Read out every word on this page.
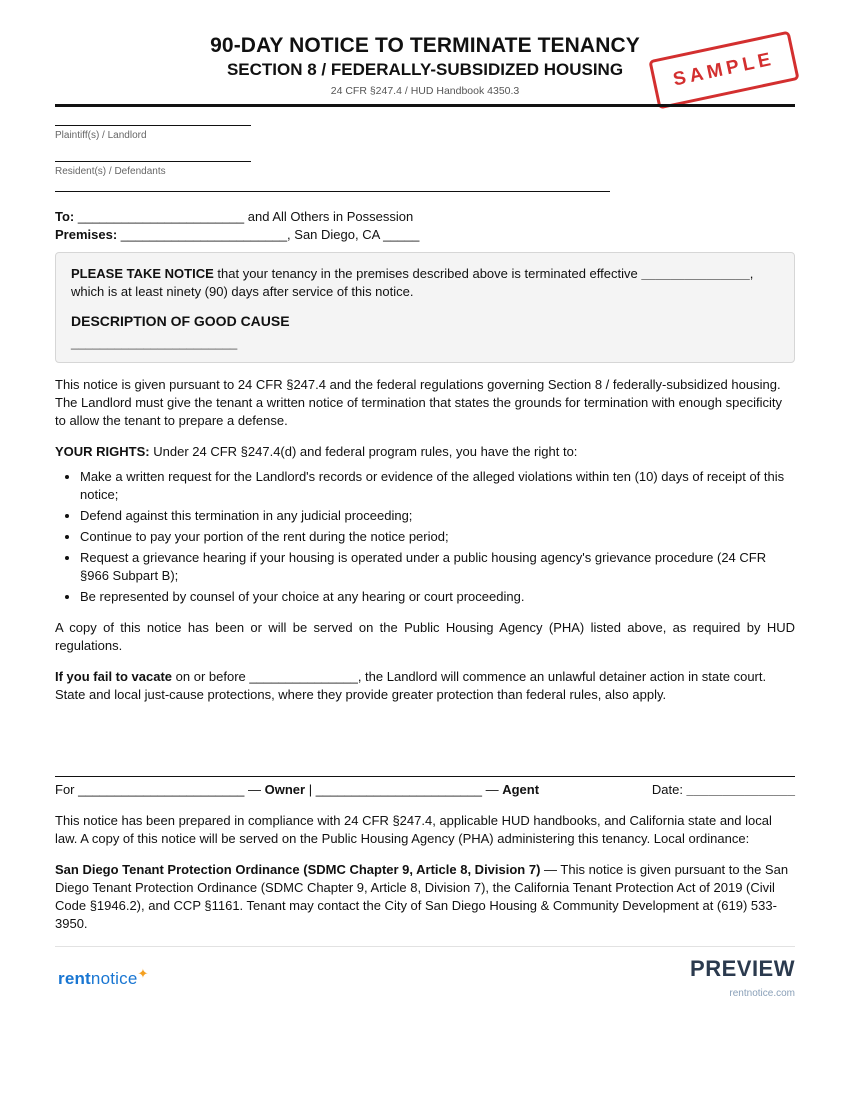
SAMPLE
90-DAY NOTICE TO TERMINATE TENANCY
SECTION 8 / FEDERALLY-SUBSIDIZED HOUSING
24 CFR §247.4 / HUD Handbook 4350.3
Plaintiff(s) / Landlord
Resident(s) / Defendants
To: _______________________ and All Others in Possession
Premises: _______________________, San Diego, CA _____
PLEASE TAKE NOTICE that your tenancy in the premises described above is terminated effective _______________, which is at least ninety (90) days after service of this notice.
DESCRIPTION OF GOOD CAUSE
_______________________
This notice is given pursuant to 24 CFR §247.4 and the federal regulations governing Section 8 / federally-subsidized housing. The Landlord must give the tenant a written notice of termination that states the grounds for termination with enough specificity to allow the tenant to prepare a defense.
YOUR RIGHTS: Under 24 CFR §247.4(d) and federal program rules, you have the right to:
• Make a written request for the Landlord's records or evidence of the alleged violations within ten (10) days of receipt of this notice;
• Defend against this termination in any judicial proceeding;
• Continue to pay your portion of the rent during the notice period;
• Request a grievance hearing if your housing is operated under a public housing agency's grievance procedure (24 CFR §966 Subpart B);
• Be represented by counsel of your choice at any hearing or court proceeding.
A copy of this notice has been or will be served on the Public Housing Agency (PHA) listed above, as required by HUD regulations.
If you fail to vacate on or before _______________, the Landlord will commence an unlawful detainer action in state court. State and local just-cause protections, where they provide greater protection than federal rules, also apply.
For _______________________ — Owner | _______________________ — Agent	Date: _______________
This notice has been prepared in compliance with 24 CFR §247.4, applicable HUD handbooks, and California state and local law. A copy of this notice will be served on the Public Housing Agency (PHA) administering this tenancy. Local ordinance:
San Diego Tenant Protection Ordinance (SDMC Chapter 9, Article 8, Division 7) — This notice is given pursuant to the San Diego Tenant Protection Ordinance (SDMC Chapter 9, Article 8, Division 7), the California Tenant Protection Act of 2019 (Civil Code §1946.2), and CCP §1161. Tenant may contact the City of San Diego Housing & Community Development at (619) 533-3950.
rentnotice✦	PREVIEW
rentnotice.com
